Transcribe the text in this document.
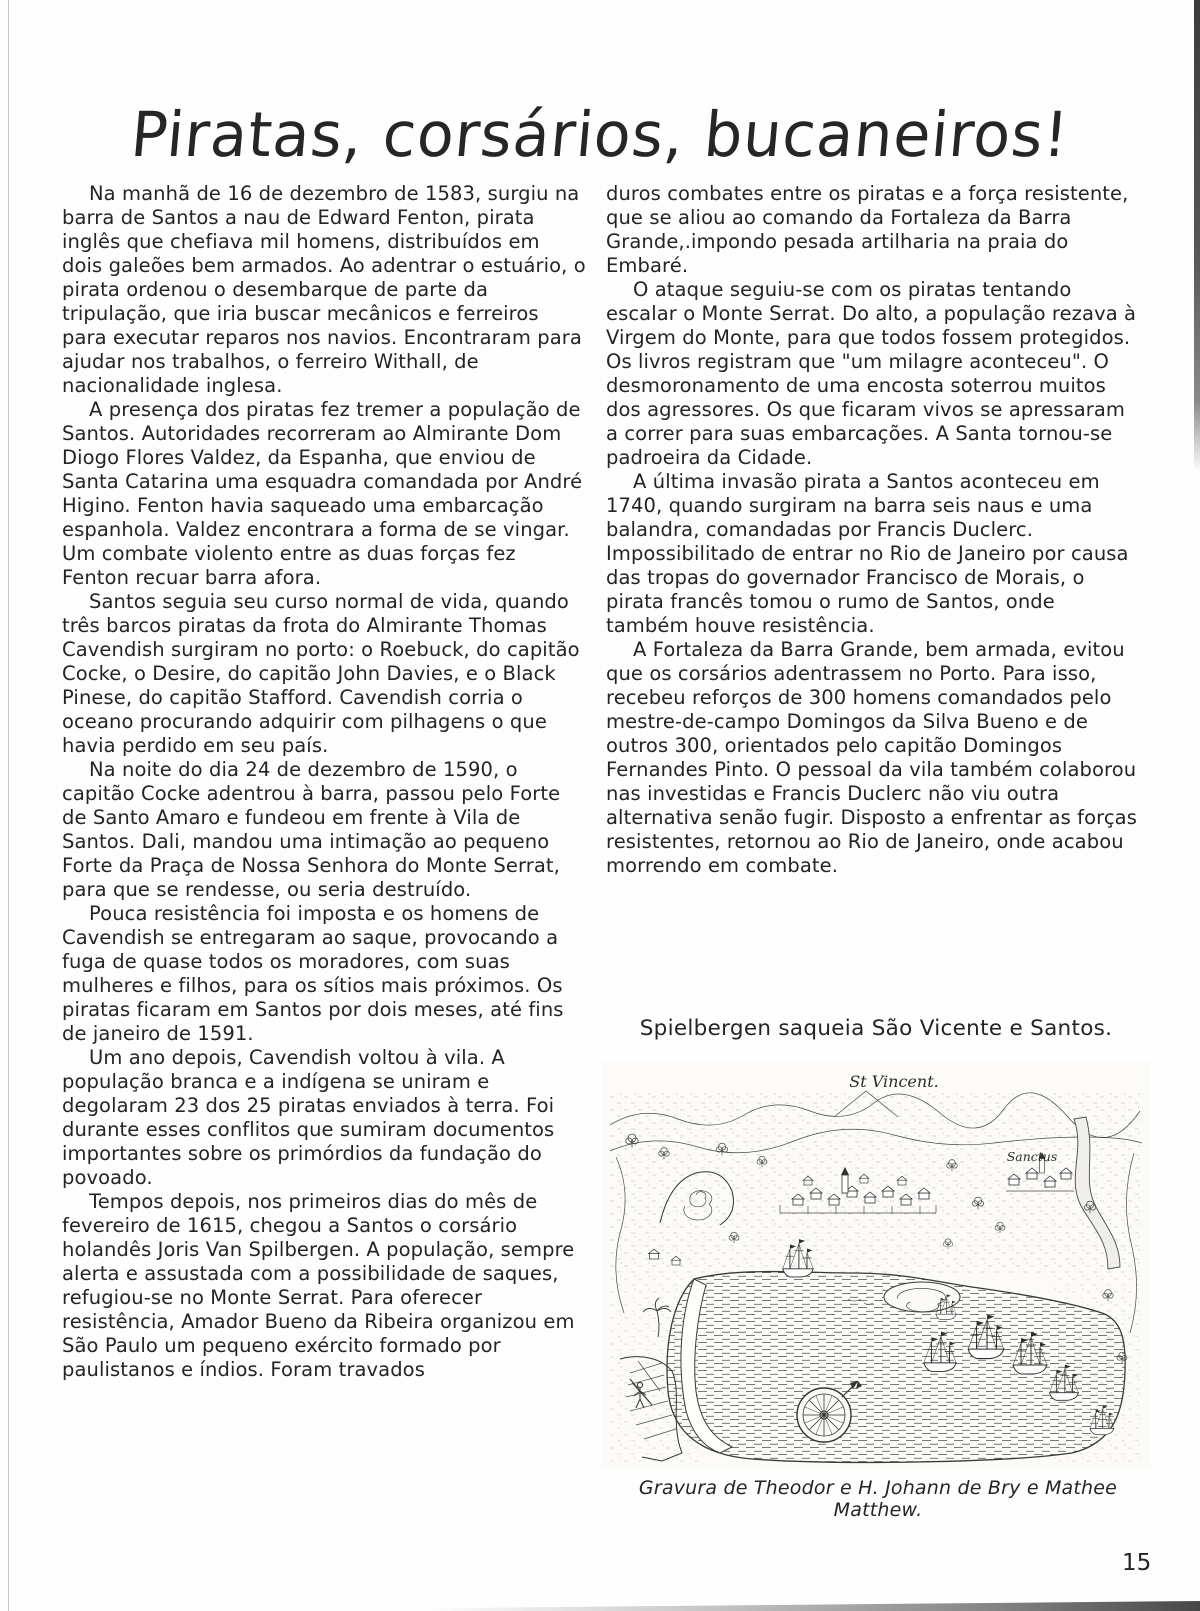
Piratas, corsários, bucaneiros!

Na manhã de 16 de dezembro de 1583, surgiu na barra de Santos a nau de Edward Fenton, pirata inglês que chefiava mil homens, distribuídos em dois galeões bem armados. Ao adentrar o estuário, o pirata ordenou o desembarque de parte da tripulação, que iria buscar mecânicos e ferreiros para executar reparos nos navios. Encontraram para ajudar nos trabalhos, o ferreiro Withall, de nacionalidade inglesa.

A presença dos piratas fez tremer a população de Santos. Autoridades recorreram ao Almirante Dom Diogo Flores Valdez, da Espanha, que enviou de Santa Catarina uma esquadra comandada por André Higino. Fenton havia saqueado uma embarcação espanhola. Valdez encontrara a forma de se vingar. Um combate violento entre as duas forças fez Fenton recuar barra afora.

Santos seguia seu curso normal de vida, quando três barcos piratas da frota do Almirante Thomas Cavendish surgiram no porto: o Roebuck, do capitão Cocke, o Desire, do capitão John Davies, e o Black Pinese, do capitão Stafford. Cavendish corria o oceano procurando adquirir com pilhagens o que havia perdido em seu país.

Na noite do dia 24 de dezembro de 1590, o capitão Cocke adentrou à barra, passou pelo Forte de Santo Amaro e fundeou em frente à Vila de Santos. Dali, mandou uma intimação ao pequeno Forte da Praça de Nossa Senhora do Monte Serrat, para que se rendesse, ou seria destruído.

Pouca resistência foi imposta e os homens de Cavendish se entregaram ao saque, provocando a fuga de quase todos os moradores, com suas mulheres e filhos, para os sítios mais próximos. Os piratas ficaram em Santos por dois meses, até fins de janeiro de 1591.

Um ano depois, Cavendish voltou à vila. A população branca e a indígena se uniram e degolaram 23 dos 25 piratas enviados à terra. Foi durante esses conflitos que sumiram documentos importantes sobre os primórdios da fundação do povoado.

Tempos depois, nos primeiros dias do mês de fevereiro de 1615, chegou a Santos o corsário holandês Joris Van Spilbergen. A população, sempre alerta e assustada com a possibilidade de saques, refugiou-se no Monte Serrat. Para oferecer resistência, Amador Bueno da Ribeira organizou em São Paulo um pequeno exército formado por paulistanos e índios. Foram travados

duros combates entre os piratas e a força resistente, que se aliou ao comando da Fortaleza da Barra Grande,.impondo pesada artilharia na praia do Embaré.

O ataque seguiu-se com os piratas tentando escalar o Monte Serrat. Do alto, a população rezava à Virgem do Monte, para que todos fossem protegidos. Os livros registram que "um milagre aconteceu". O desmoronamento de uma encosta soterrou muitos dos agressores. Os que ficaram vivos se apressaram a correr para suas embarcações. A Santa tornou-se padroeira da Cidade.

A última invasão pirata a Santos aconteceu em 1740, quando surgiram na barra seis naus e uma balandra, comandadas por Francis Duclerc. Impossibilitado de entrar no Rio de Janeiro por causa das tropas do governador Francisco de Morais, o pirata francês tomou o rumo de Santos, onde também houve resistência.

A Fortaleza da Barra Grande, bem armada, evitou que os corsários adentrassem no Porto. Para isso, recebeu reforços de 300 homens comandados pelo mestre-de-campo Domingos da Silva Bueno e de outros 300, orientados pelo capitão Domingos Fernandes Pinto. O pessoal da vila também colaborou nas investidas e Francis Duclerc não viu outra alternativa senão fugir. Disposto a enfrentar as forças resistentes, retornou ao Rio de Janeiro, onde acabou morrendo em combate.

Spielbergen saqueia São Vicente e Santos.
St Vincent.
Sanctus
Gravura de Theodor e H. Johann de Bry e Mathee Matthew.
15
